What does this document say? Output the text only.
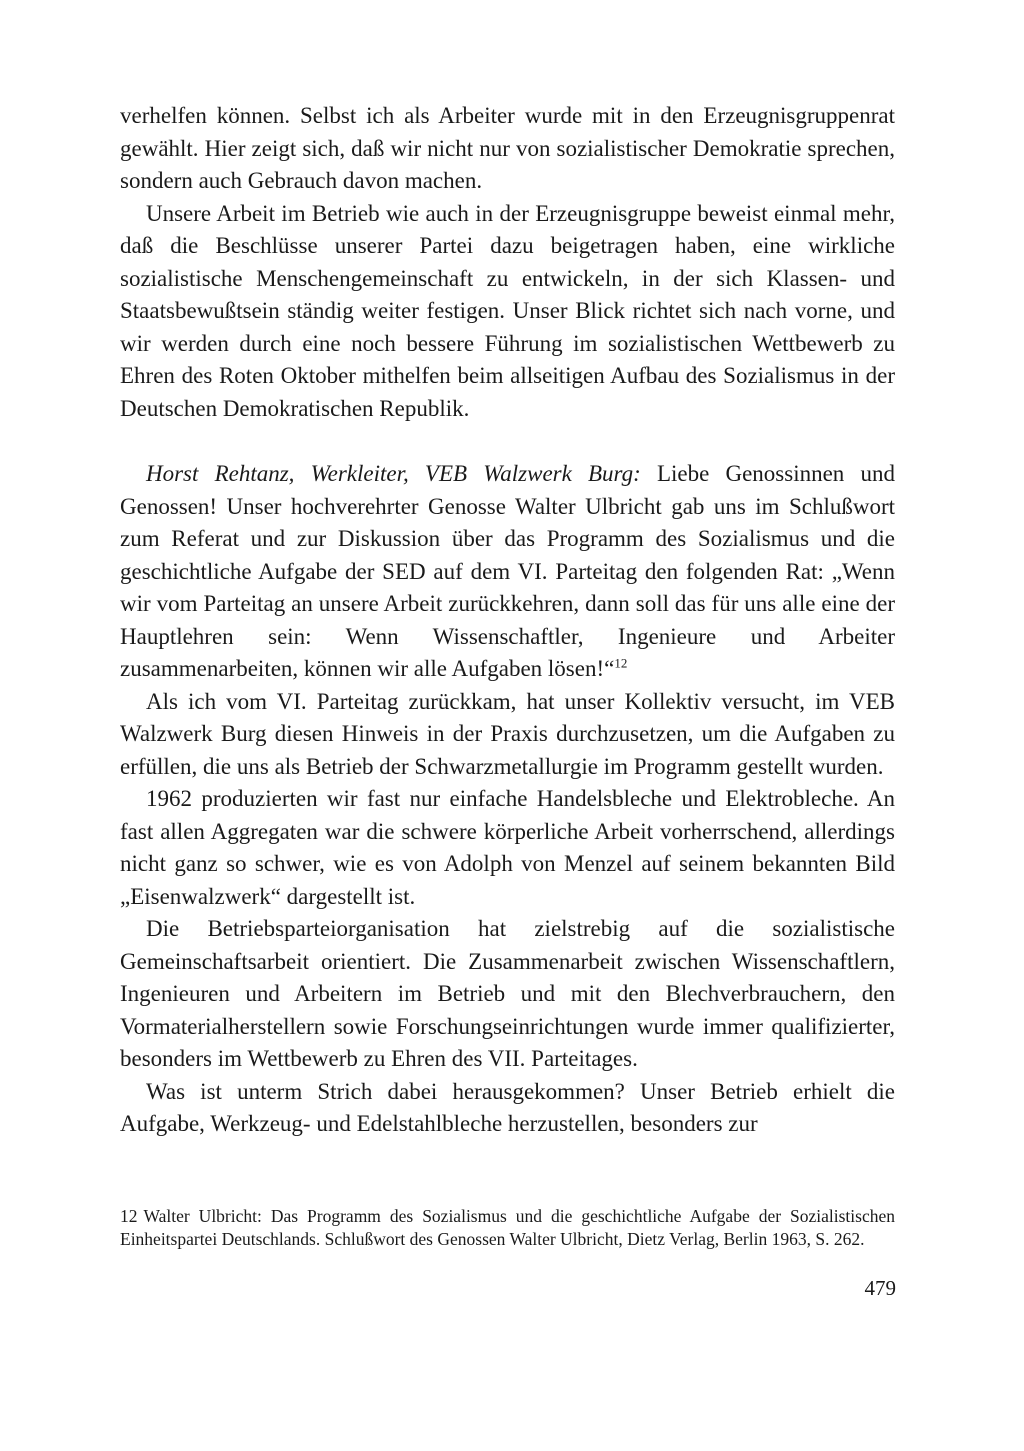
verhelfen können. Selbst ich als Arbeiter wurde mit in den Erzeugnisgruppenrat gewählt. Hier zeigt sich, daß wir nicht nur von sozialistischer Demokratie sprechen, sondern auch Gebrauch davon machen.

Unsere Arbeit im Betrieb wie auch in der Erzeugnisgruppe beweist einmal mehr, daß die Beschlüsse unserer Partei dazu beigetragen haben, eine wirkliche sozialistische Menschengemeinschaft zu entwickeln, in der sich Klassen- und Staatsbewußtsein ständig weiter festigen. Unser Blick richtet sich nach vorne, und wir werden durch eine noch bessere Führung im sozialistischen Wettbewerb zu Ehren des Roten Oktober mithelfen beim allseitigen Aufbau des Sozialismus in der Deutschen Demokratischen Republik.

Horst Rehtanz, Werkleiter, VEB Walzwerk Burg: Liebe Genossinnen und Genossen! Unser hochverehrter Genosse Walter Ulbricht gab uns im Schlußwort zum Referat und zur Diskussion über das Programm des Sozialismus und die geschichtliche Aufgabe der SED auf dem VI. Parteitag den folgenden Rat: „Wenn wir vom Parteitag an unsere Arbeit zurückkehren, dann soll das für uns alle eine der Hauptlehren sein: Wenn Wissenschaftler, Ingenieure und Arbeiter zusammenarbeiten, können wir alle Aufgaben lösen!“$^{12}$

Als ich vom VI. Parteitag zurückkam, hat unser Kollektiv versucht, im VEB Walzwerk Burg diesen Hinweis in der Praxis durchzusetzen, um die Aufgaben zu erfüllen, die uns als Betrieb der Schwarzmetallurgie im Programm gestellt wurden.

1962 produzierten wir fast nur einfache Handelsbleche und Elektrobleche. An fast allen Aggregaten war die schwere körperliche Arbeit vorherrschend, allerdings nicht ganz so schwer, wie es von Adolph von Menzel auf seinem bekannten Bild „Eisenwalzwerk“ dargestellt ist.

Die Betriebsparteiorganisation hat zielstrebig auf die sozialistische Gemeinschaftsarbeit orientiert. Die Zusammenarbeit zwischen Wissenschaftlern, Ingenieuren und Arbeitern im Betrieb und mit den Blechverbrauchern, den Vormaterialherstellern sowie Forschungseinrichtungen wurde immer qualifizierter, besonders im Wettbewerb zu Ehren des VII. Parteitages.

Was ist unterm Strich dabei herausgekommen? Unser Betrieb erhielt die Aufgabe, Werkzeug- und Edelstahlbleche herzustellen, besonders zur

12 Walter Ulbricht: Das Programm des Sozialismus und die geschichtliche Aufgabe der Sozialistischen Einheitspartei Deutschlands. Schlußwort des Genossen Walter Ulbricht, Dietz Verlag, Berlin 1963, S. 262.

479
